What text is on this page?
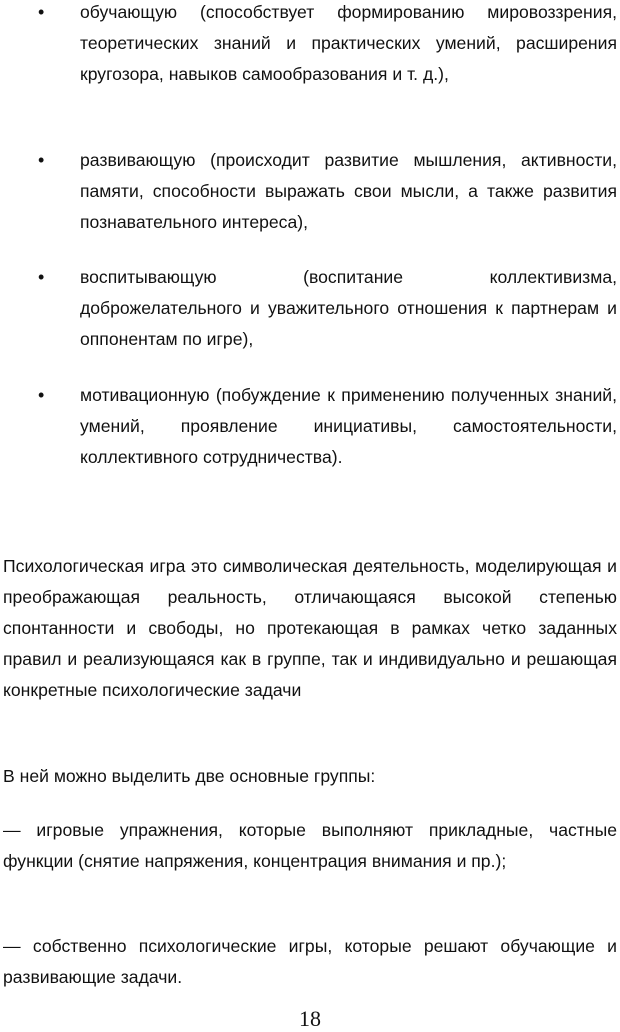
• обучающую (способствует формированию мировоззрения, теоретических знаний и практических умений, расширения кругозора, навыков самообразования и т. д.),
• развивающую (происходит развитие мышления, активности, памяти, способности выражать свои мысли, а также развития познавательного интереса),
• воспитывающую (воспитание коллективизма, доброжелательного и уважительного отношения к партнерам и оппонентам по игре),
• мотивационную (побуждение к применению полученных знаний, умений, проявление инициативы, самостоятельности, коллективного сотрудничества).

Психологическая игра это символическая деятельность, моделирующая и преображающая реальность, отличающаяся высокой степенью спонтанности и свободы, но протекающая в рамках четко заданных правил и реализующаяся как в группе, так и индивидуально и решающая конкретные психологические задачи

В ней можно выделить две основные группы:

— игровые упражнения, которые выполняют прикладные, частные функции (снятие напряжения, концентрация внимания и пр.);

— собственно психологические игры, которые решают обучающие и развивающие задачи.

18
